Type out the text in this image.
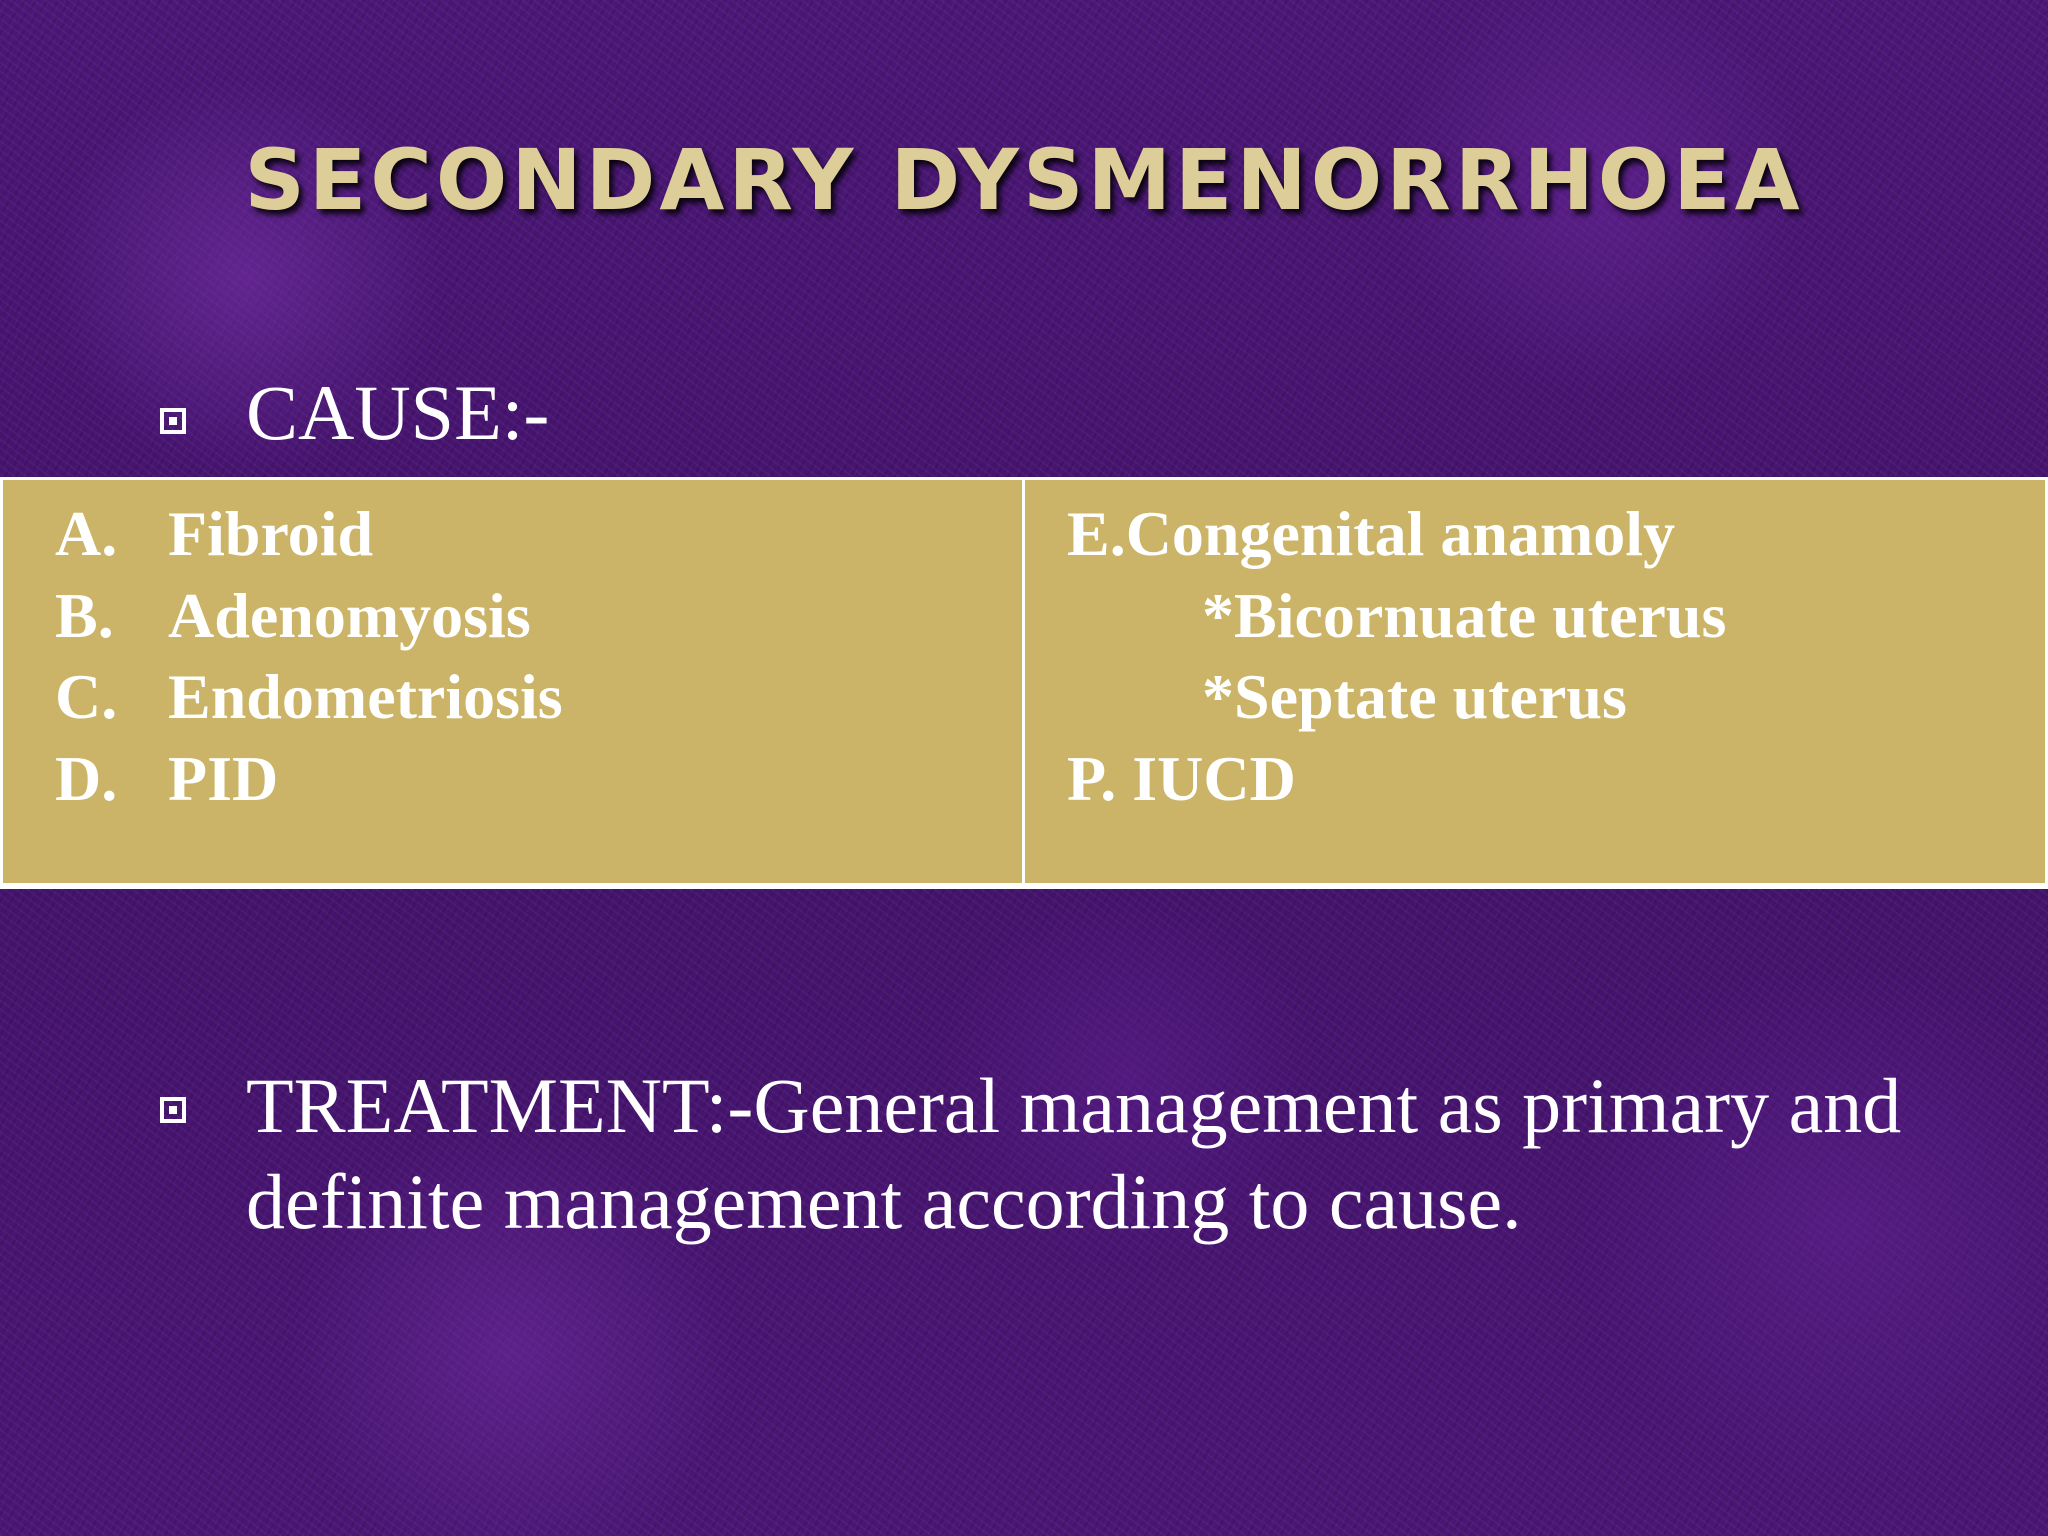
SECONDARY DYSMENORRHOEA
CAUSE:-
A. Fibroid
B. Adenomyosis
C. Endometriosis
D. PID
E.Congenital anamoly
*Bicornuate uterus
*Septate uterus
P. IUCD

TREATMENT:-General management as primary and definite management according to cause.
